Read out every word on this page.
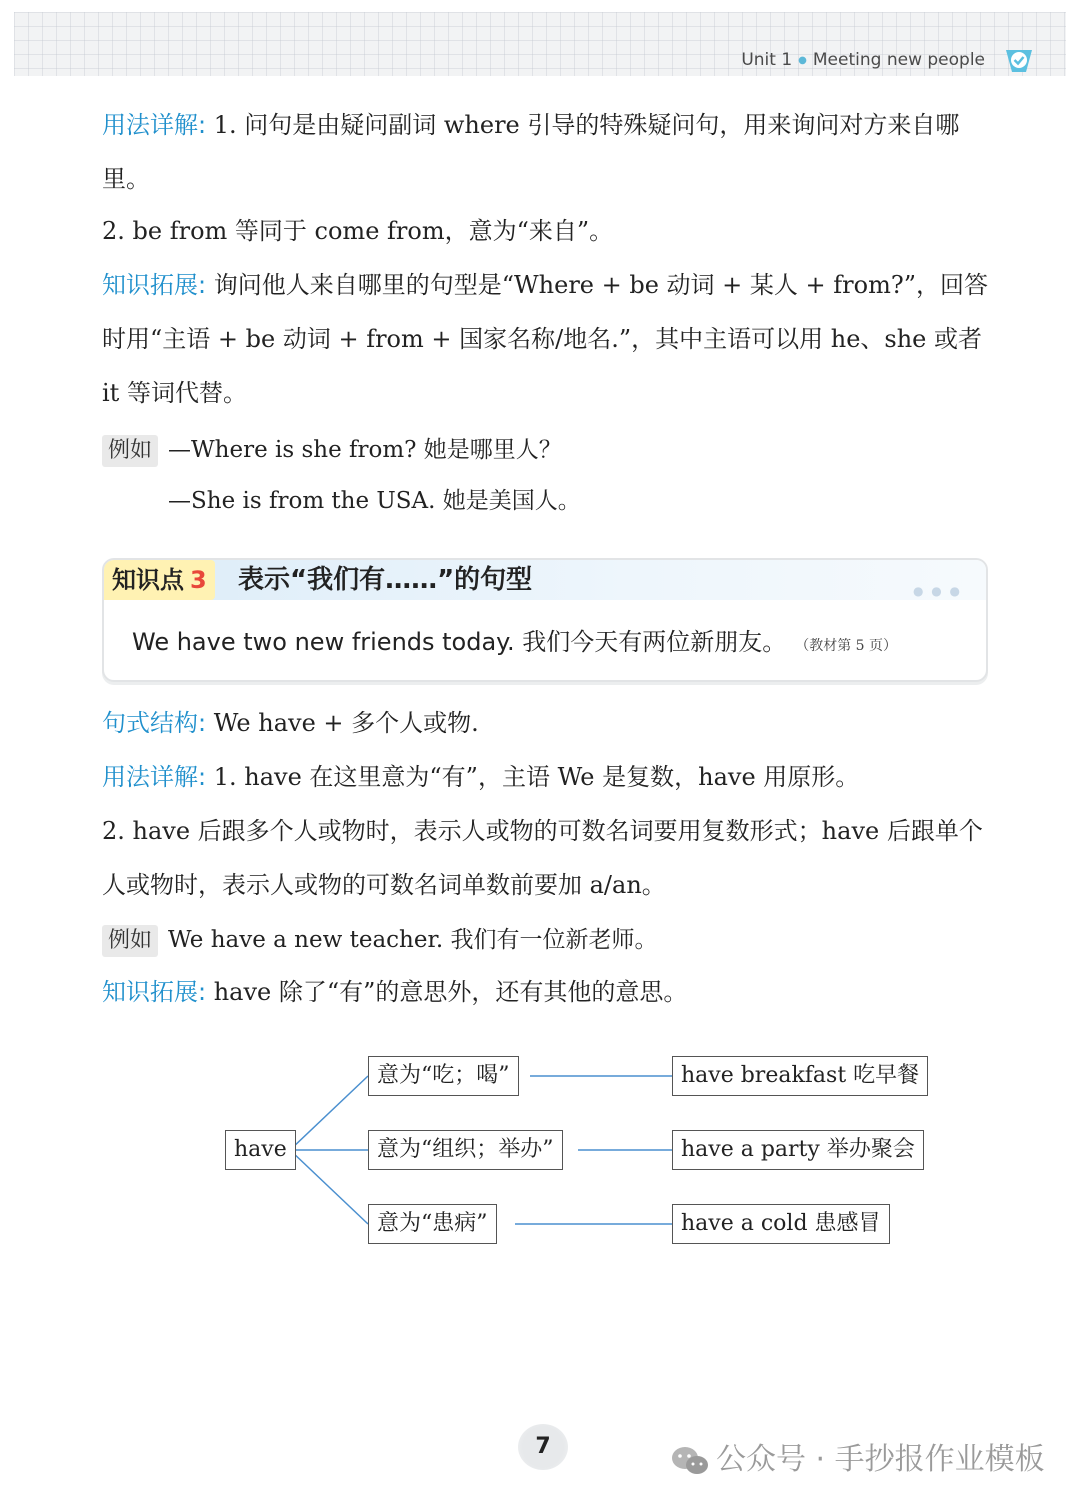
Unit 1 ● Meeting new people
用法详解: 1. 问句是由疑问副词 where 引导的特殊疑问句，用来询问对方来自哪里。
2. be from 等同于 come from，意为“来自”。
知识拓展: 询问他人来自哪里的句型是“Where + be 动词 + 某人 + from?”，回答时用“主语 + be 动词 + from + 国家名称/地名.”，其中主语可以用 he、she 或者 it 等词代替。
例如 —Where is she from? 她是哪里人？
—She is from the USA. 她是美国人。
知识点 3	表示“我们有……”的句型	● ● ●
We have two new friends today. 我们今天有两位新朋友。 （教材第 5 页）
句式结构: We have + 多个人或物.
用法详解: 1. have 在这里意为“有”，主语 We 是复数，have 用原形。
2. have 后跟多个人或物时，表示人或物的可数名词要用复数形式；have 后跟单个人或物时，表示人或物的可数名词单数前要加 a/an。
例如 We have a new teacher. 我们有一位新老师。
知识拓展: have 除了“有”的意思外，还有其他的意思。
have
意为“吃；喝”
意为“组织；举办”
意为“患病”
have breakfast 吃早餐
have a party 举办聚会
have a cold 患感冒
7	公众号 · 手抄报作业模板
